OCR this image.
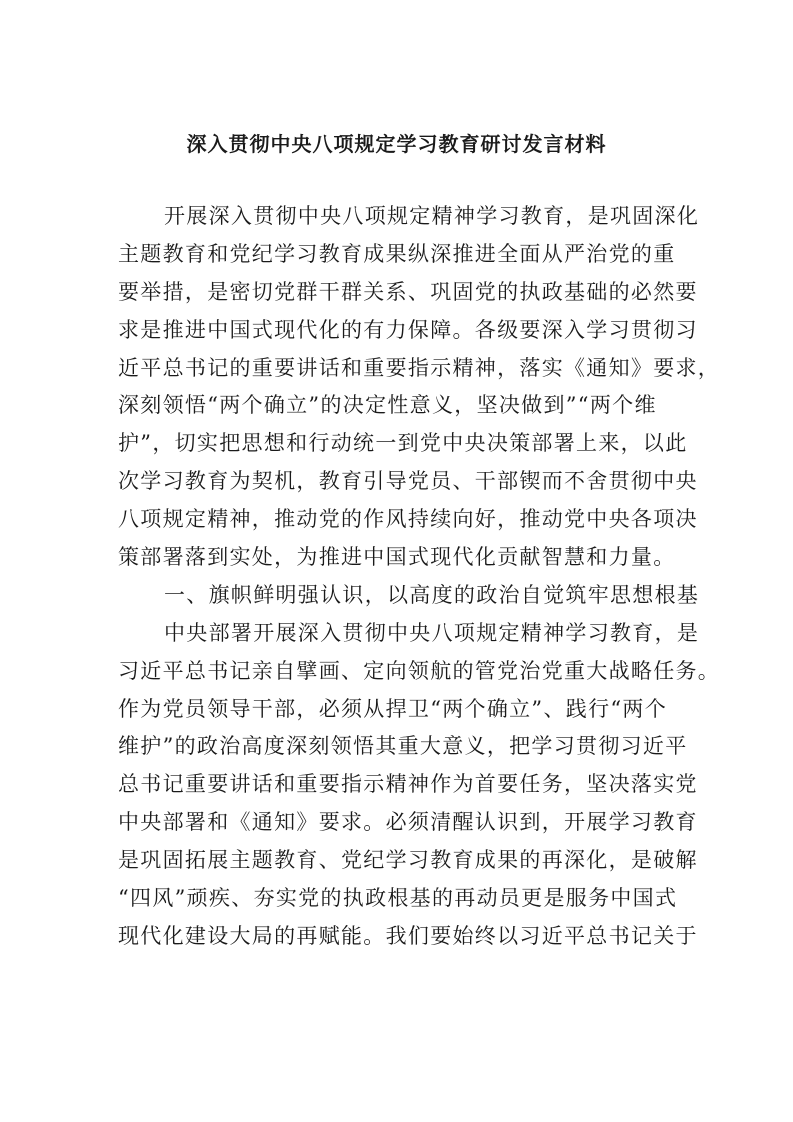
深入贯彻中央八项规定学习教育研讨发言材料
开展深入贯彻中央八项规定精神学习教育，是巩固深化
主题教育和党纪学习教育成果纵深推进全面从严治党的重
要举措，是密切党群干群关系、巩固党的执政基础的必然要
求是推进中国式现代化的有力保障。各级要深入学习贯彻习
近平总书记的重要讲话和重要指示精神，落实《通知》要求，
深刻领悟“两个确立”的决定性意义，坚决做到”“两个维
护”，切实把思想和行动统一到党中央决策部署上来，以此
次学习教育为契机，教育引导党员、干部锲而不舍贯彻中央
八项规定精神，推动党的作风持续向好，推动党中央各项决
策部署落到实处，为推进中国式现代化贡献智慧和力量。
一、旗帜鲜明强认识，以高度的政治自觉筑牢思想根基
中央部署开展深入贯彻中央八项规定精神学习教育，是
习近平总书记亲自擘画、定向领航的管党治党重大战略任务。
作为党员领导干部，必须从捍卫“两个确立”、践行“两个
维护”的政治高度深刻领悟其重大意义，把学习贯彻习近平
总书记重要讲话和重要指示精神作为首要任务，坚决落实党
中央部署和《通知》要求。必须清醒认识到，开展学习教育
是巩固拓展主题教育、党纪学习教育成果的再深化，是破解
“四风”顽疾、夯实党的执政根基的再动员更是服务中国式
现代化建设大局的再赋能。我们要始终以习近平总书记关于
